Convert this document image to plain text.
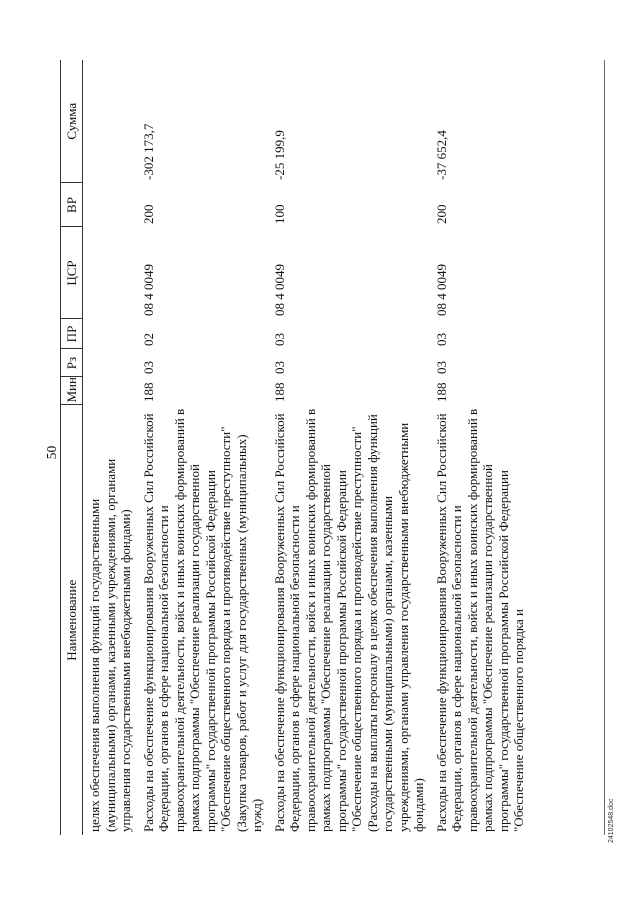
50
Наименование	Мин	Рз	ПР	ЦСР	ВР	Сумма
целях обеспечения выполнения функций государственными (муниципальными) органами, казенными учреждениями, органами управления государственными внебюджетными фондами)						
Расходы на обеспечение функционирования Вооруженных Сил Российской Федерации, органов в сфере национальной безопасности и правоохранительной деятельности, войск и иных воинских формирований в рамках подпрограммы "Обеспечение реализации государственной программы" государственной программы Российской Федерации "Обеспечение общественного порядка и противодействие преступности" (Закупка товаров, работ и услуг для государственных (муниципальных) нужд)	188	03	02	08 4 0049	200	-302 173,7
Расходы на обеспечение функционирования Вооруженных Сил Российской Федерации, органов в сфере национальной безопасности и правоохранительной деятельности, войск и иных воинских формирований в рамках подпрограммы "Обеспечение реализации государственной программы" государственной программы Российской Федерации "Обеспечение общественного порядка и противодействие преступности" (Расходы на выплаты персоналу в целях обеспечения выполнения функций государственными (муниципальными) органами, казенными учреждениями, органами управления государственными внебюджетными фондами)	188	03	03	08 4 0049	100	-25 199,9
Расходы на обеспечение функционирования Вооруженных Сил Российской Федерации, органов в сфере национальной безопасности и правоохранительной деятельности, войск и иных воинских формирований в рамках подпрограммы "Обеспечение реализации государственной программы" государственной программы Российской Федерации "Обеспечение общественного порядка и	188	03	03	08 4 0049	200	-37 652,4
24102548.doc
